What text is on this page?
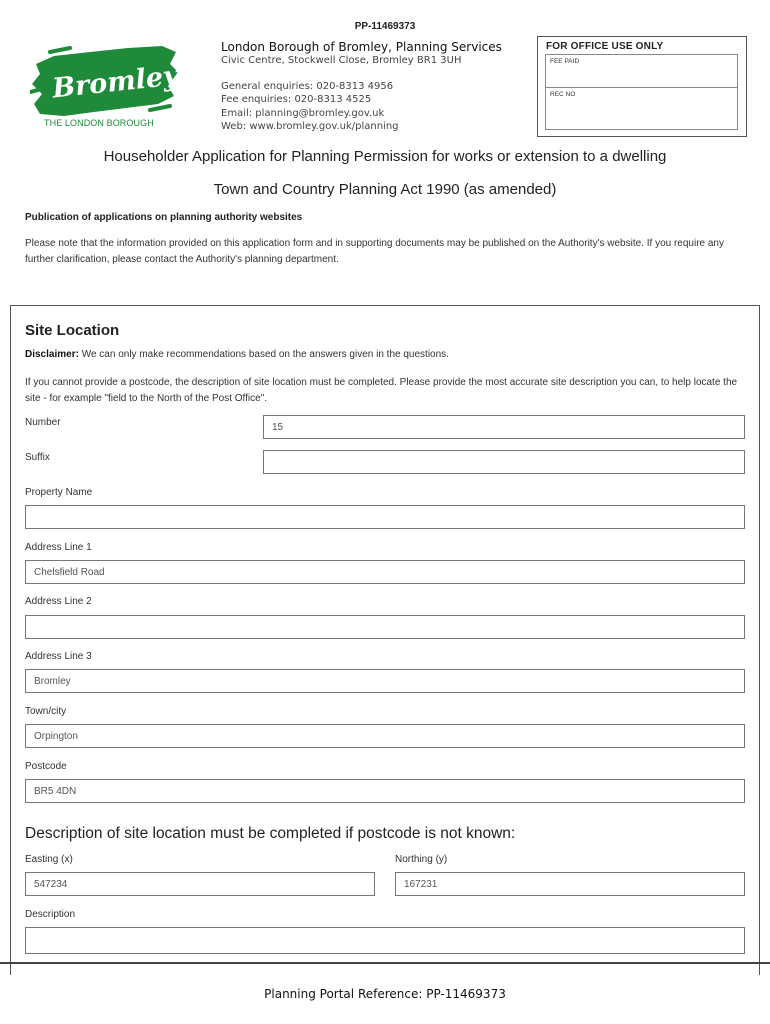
PP-11469373
Bromley
THE LONDON BOROUGH
London Borough of Bromley, Planning Services
Civic Centre, Stockwell Close, Bromley BR1 3UH
General enquiries: 020-8313 4956
Fee enquiries: 020-8313 4525
Email: planning@bromley.gov.uk
Web: www.bromley.gov.uk/planning
FOR OFFICE USE ONLY
FEE PAID
REC NO
Householder Application for Planning Permission for works or extension to a dwelling
Town and Country Planning Act 1990 (as amended)
Publication of applications on planning authority websites
Please note that the information provided on this application form and in supporting documents may be published on the Authority's website. If you require any further clarification, please contact the Authority's planning department.
Site Location
Disclaimer: We can only make recommendations based on the answers given in the questions.
If you cannot provide a postcode, the description of site location must be completed. Please provide the most accurate site description you can, to help locate the site - for example "field to the North of the Post Office".
Number	15
Suffix
Property Name
Address Line 1
Chelsfield Road
Address Line 2
Address Line 3
Bromley
Town/city
Orpington
Postcode
BR5 4DN
Description of site location must be completed if postcode is not known:
Easting (x)
547234
Northing (y)
167231
Description
Planning Portal Reference: PP-11469373
